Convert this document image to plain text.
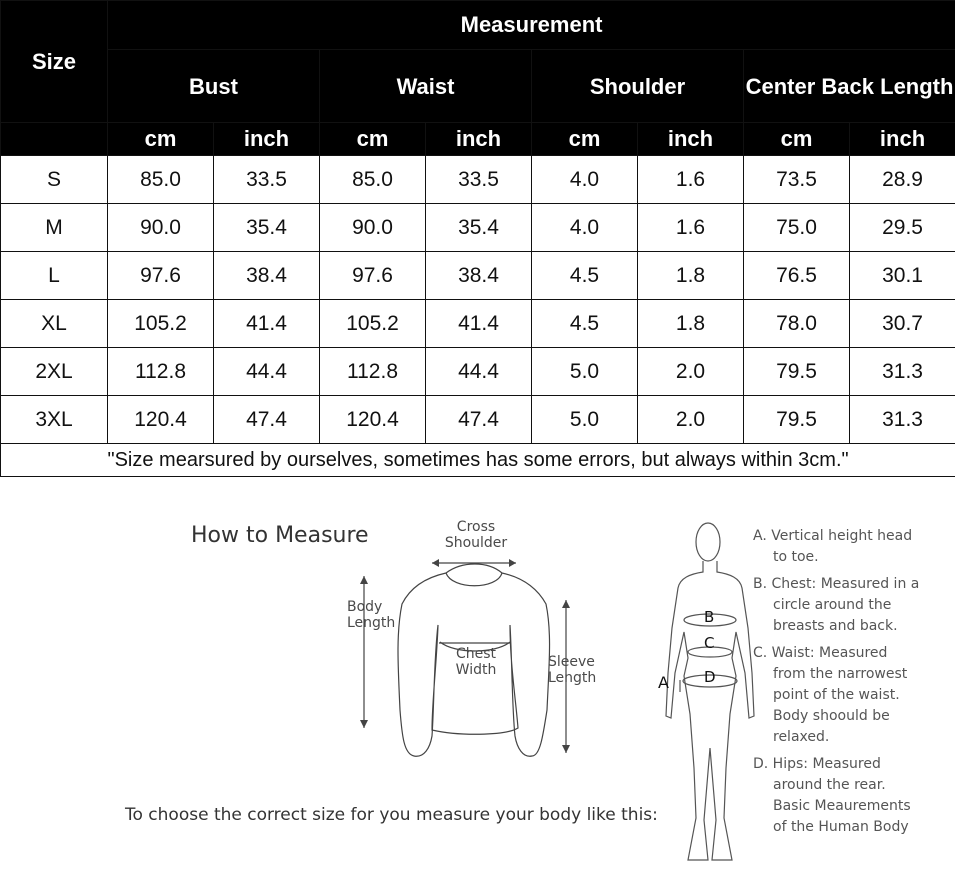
Size	Measurement							
	Bust		Waist		Shoulder		Center Back Length	
	cm	inch	cm	inch	cm	inch	cm	inch
S	85.0	33.5	85.0	33.5	4.0	1.6	73.5	28.9
M	90.0	35.4	90.0	35.4	4.0	1.6	75.0	29.5
L	97.6	38.4	97.6	38.4	4.5	1.8	76.5	30.1
XL	105.2	41.4	105.2	41.4	4.5	1.8	78.0	30.7
2XL	112.8	44.4	112.8	44.4	5.0	2.0	79.5	31.3
3XL	120.4	47.4	120.4	47.4	5.0	2.0	79.5	31.3
"Size mearsured by ourselves, sometimes has some errors, but always within 3cm."								
How to Measure	Cross
Shoulder
Body
Length
Chest
Width	Sleeve
Length
To choose the correct size for you measure your body like this:
A
B
C
D
A. Vertical height head
to toe.
B. Chest: Measured in a
circle around the
breasts and back.
C. Waist: Measured
from the narrowest
point of the waist.
Body shoould be
relaxed.
D. Hips: Measured
around the rear.
Basic Meaurements
of the Human Body
